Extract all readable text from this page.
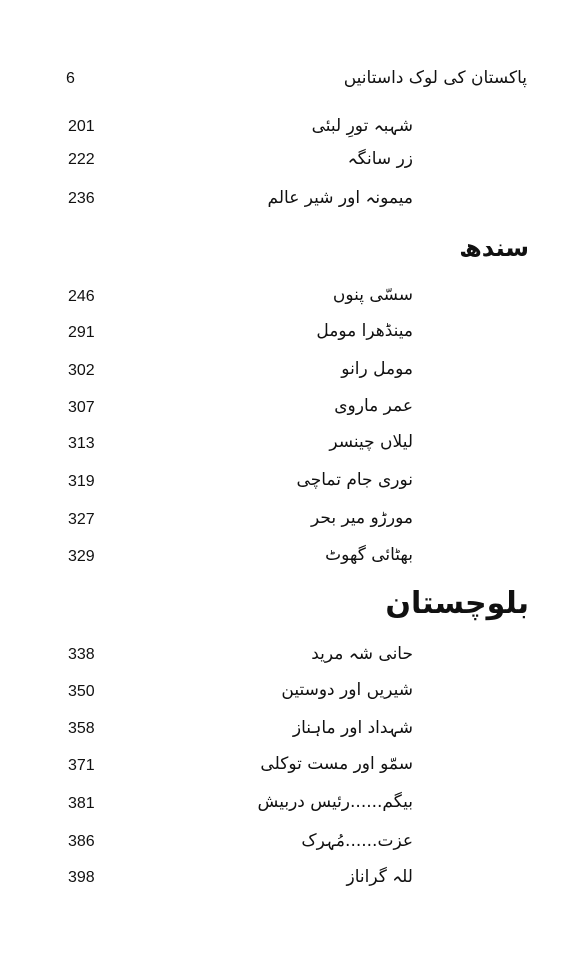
6	پاکستان کی لوک داستانیں
201	شہبہ تورِ لبئی
222	زر سانگہ
236	میمونہ اور شیر عالم
سندھ
246	سسّی پنوں
291	مینڈھرا مومل
302	مومل رانو
307	عمر ماروی
313	لیلاں چینسر
319	نوری جام تماچی
327	مورڑو میر بحر
329	بھٹائی گھوٹ
بلوچستان
338	حانی شہ مرید
350	شیریں اور دوستین
358	شہداد اور ماہناز
371	سمّو اور مست توکلی
381	بیگم......رئیس دربیش
386	عزت......مُہرک
398	للہ گراناز
